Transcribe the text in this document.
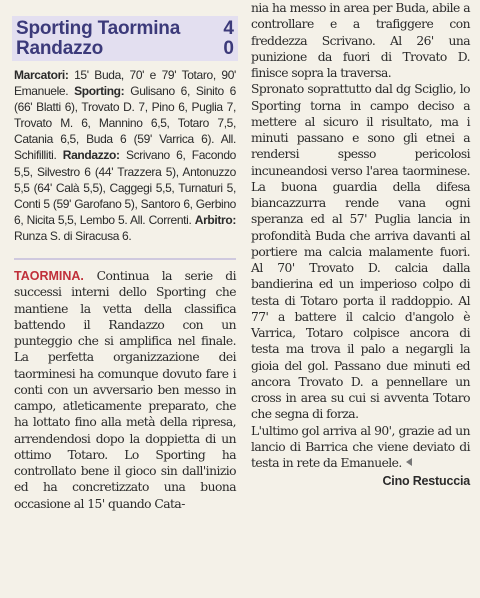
Sporting Taormina 4
Randazzo	0
Marcatori: 15' Buda, 70' e 79' Totaro, 90' Emanuele. Sporting: Gulisano 6, Sinito 6 (66' Blatti 6), Trovato D. 7, Pino 6, Puglia 7, Trovato M. 6, Mannino 6,5, Totaro 7,5, Catania 6,5, Buda 6 (59' Varrica 6). All. Schifilliti. Randazzo: Scrivano 6, Facondo 5,5, Silvestro 6 (44' Trazzera 5), Antonuzzo 5,5 (64' Calà 5,5), Caggegi 5,5, Turnaturi 5, Conti 5 (59' Garofano 5), Santoro 6, Gerbino 6, Nicita 5,5, Lembo 5. All. Correnti. Arbitro: Runza S. di Siracusa 6.

TAORMINA. Continua la serie di successi interni dello Sporting che mantiene la vetta della classifica battendo il Randazzo con un punteggio che si amplifica nel finale. La perfetta organizzazione dei taorminesi ha comunque dovuto fare i conti con un avversario ben messo in campo, atleticamente preparato, che ha lottato fino alla metà della ripresa, arrendendosi dopo la doppietta di un ottimo Totaro. Lo Sporting ha controllato bene il gioco sin dall'inizio ed ha concretizzato una buona occasione al 15' quando Cata-

nia ha messo in area per Buda, abile a controllare e a trafiggere con freddezza Scrivano. Al 26' una punizione da fuori di Trovato D. finisce sopra la traversa.

Spronato soprattutto dal dg Sciglio, lo Sporting torna in campo deciso a mettere al sicuro il risultato, ma i minuti passano e sono gli etnei a rendersi spesso pericolosi incuneandosi verso l'area taorminese. La buona guardia della difesa biancazzurra rende vana ogni speranza ed al 57' Puglia lancia in profondità Buda che arriva davanti al portiere ma calcia malamente fuori. Al 70' Trovato D. calcia dalla bandierina ed un imperioso colpo di testa di Totaro porta il raddoppio. Al 77' a battere il calcio d'angolo è Varrica, Totaro colpisce ancora di testa ma trova il palo a negargli la gioia del gol. Passano due minuti ed ancora Trovato D. a pennellare un cross in area su cui si avventa Totaro che segna di forza.

L'ultimo gol arriva al 90', grazie ad un lancio di Barrica che viene deviato di testa in rete da Emanuele.

Cino Restuccia
